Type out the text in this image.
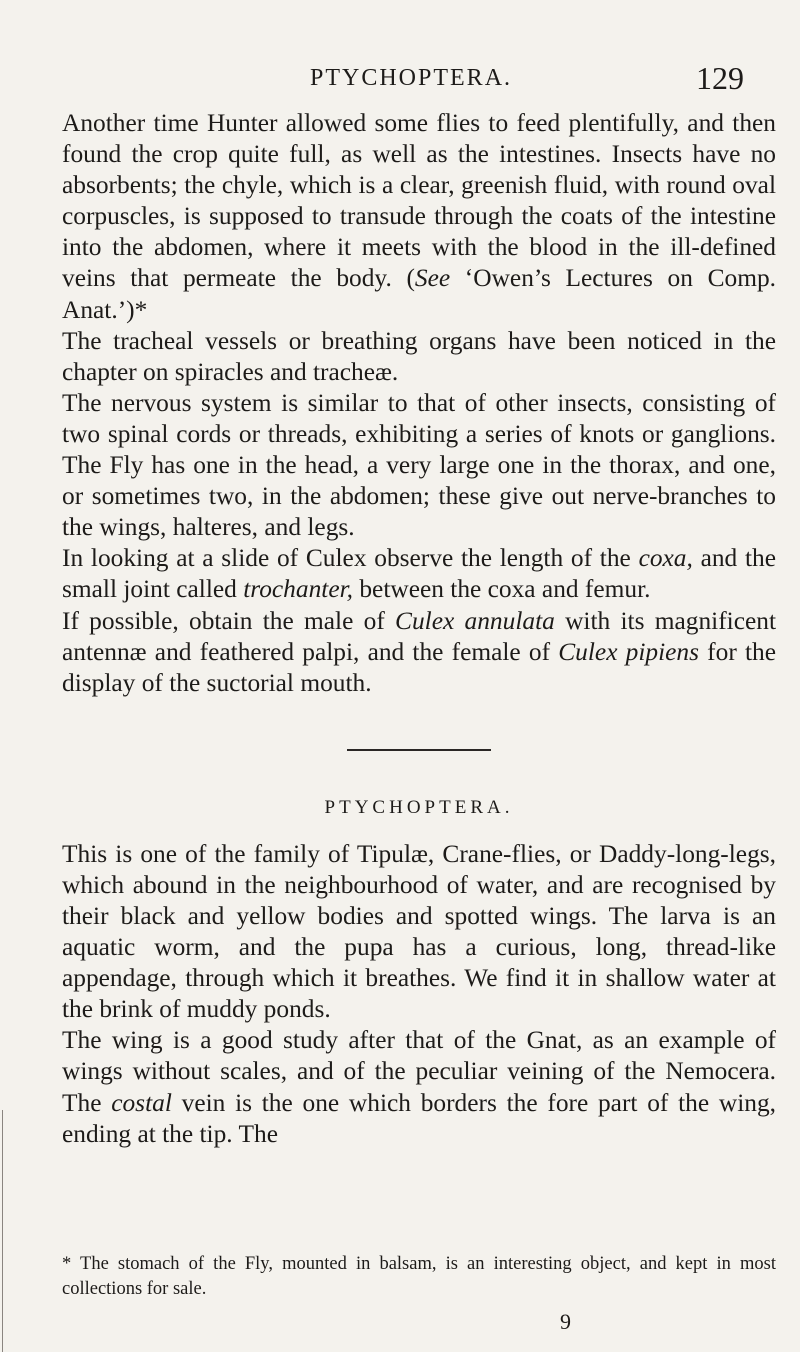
PTYCHOPTERA.	129

Another time Hunter allowed some flies to feed plentifully, and then found the crop quite full, as well as the intestines. Insects have no absorbents; the chyle, which is a clear, greenish fluid, with round oval corpuscles, is supposed to transude through the coats of the intestine into the abdomen, where it meets with the blood in the ill-defined veins that permeate the body. (See ‘Owen’s Lectures on Comp. Anat.’)*

The tracheal vessels or breathing organs have been noticed in the chapter on spiracles and tracheæ.

The nervous system is similar to that of other insects, consisting of two spinal cords or threads, exhibiting a series of knots or ganglions. The Fly has one in the head, a very large one in the thorax, and one, or sometimes two, in the abdomen; these give out nerve-branches to the wings, halteres, and legs.

In looking at a slide of Culex observe the length of the coxa, and the small joint called trochanter, between the coxa and femur.

If possible, obtain the male of Culex annulata with its magnificent antennæ and feathered palpi, and the female of Culex pipiens for the display of the suctorial mouth.

PTYCHOPTERA.

This is one of the family of Tipulæ, Crane-flies, or Daddy-long-legs, which abound in the neighbourhood of water, and are recognised by their black and yellow bodies and spotted wings. The larva is an aquatic worm, and the pupa has a curious, long, thread-like appendage, through which it breathes. We find it in shallow water at the brink of muddy ponds.

The wing is a good study after that of the Gnat, as an example of wings without scales, and of the peculiar veining of the Nemocera. The costal vein is the one which borders the fore part of the wing, ending at the tip. The

* The stomach of the Fly, mounted in balsam, is an interesting object, and kept in most collections for sale.

9
